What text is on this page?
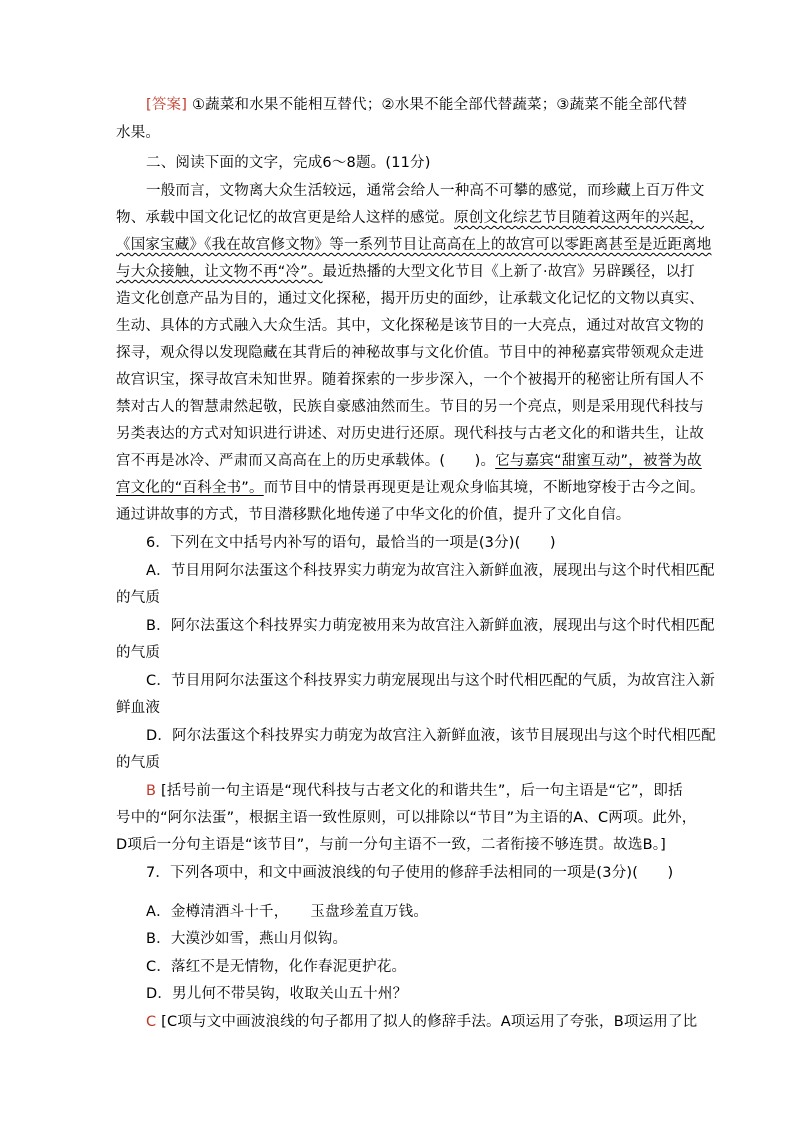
[答案] ①蔬菜和水果不能相互替代；②水果不能全部代替蔬菜；③蔬菜不能全部代替
水果。
二、阅读下面的文字，完成6～8题。(11分)
一般而言，文物离大众生活较远，通常会给人一种高不可攀的感觉，而珍藏上百万件文
物、承载中国文化记忆的故宫更是给人这样的感觉。原创文化综艺节目随着这两年的兴起，
《国家宝藏》《我在故宫修文物》等一系列节目让高高在上的故宫可以零距离甚至是近距离地
与大众接触，让文物不再“冷”。最近热播的大型文化节目《上新了·故宫》另辟蹊径，以打
造文化创意产品为目的，通过文化探秘，揭开历史的面纱，让承载文化记忆的文物以真实、
生动、具体的方式融入大众生活。其中，文化探秘是该节目的一大亮点，通过对故宫文物的
探寻，观众得以发现隐藏在其背后的神秘故事与文化价值。节目中的神秘嘉宾带领观众走进
故宫识宝，探寻故宫未知世界。随着探索的一步步深入，一个个被揭开的秘密让所有国人不
禁对古人的智慧肃然起敬，民族自豪感油然而生。节目的另一个亮点，则是采用现代科技与
另类表达的方式对知识进行讲述、对历史进行还原。现代科技与古老文化的和谐共生，让故
宫不再是冰冷、严肃而又高高在上的历史承载体。(　　)。它与嘉宾“甜蜜互动”，被誉为故
宫文化的“百科全书”。而节目中的情景再现更是让观众身临其境，不断地穿梭于古今之间。
通过讲故事的方式，节目潜移默化地传递了中华文化的价值，提升了文化自信。
6．下列在文中括号内补写的语句，最恰当的一项是(3分)(　　)
A．节目用阿尔法蛋这个科技界实力萌宠为故宫注入新鲜血液，展现出与这个时代相匹配
的气质
B．阿尔法蛋这个科技界实力萌宠被用来为故宫注入新鲜血液，展现出与这个时代相匹配
的气质
C．节目用阿尔法蛋这个科技界实力萌宠展现出与这个时代相匹配的气质，为故宫注入新
鲜血液
D．阿尔法蛋这个科技界实力萌宠为故宫注入新鲜血液，该节目展现出与这个时代相匹配
的气质
B [括号前一句主语是“现代科技与古老文化的和谐共生”，后一句主语是“它”，即括
号中的“阿尔法蛋”，根据主语一致性原则，可以排除以“节目”为主语的A、C两项。此外，
D项后一分句主语是“该节目”，与前一分句主语不一致，二者衔接不够连贯。故选B。]
7．下列各项中，和文中画波浪线的句子使用的修辞手法相同的一项是(3分)(　　)
A．金樽清酒斗十千， 玉盘珍羞直万钱。
B．大漠沙如雪，燕山月似钩。
C．落红不是无情物，化作春泥更护花。
D．男儿何不带吴钩，收取关山五十州？
C [C项与文中画波浪线的句子都用了拟人的修辞手法。A项运用了夸张，B项运用了比
